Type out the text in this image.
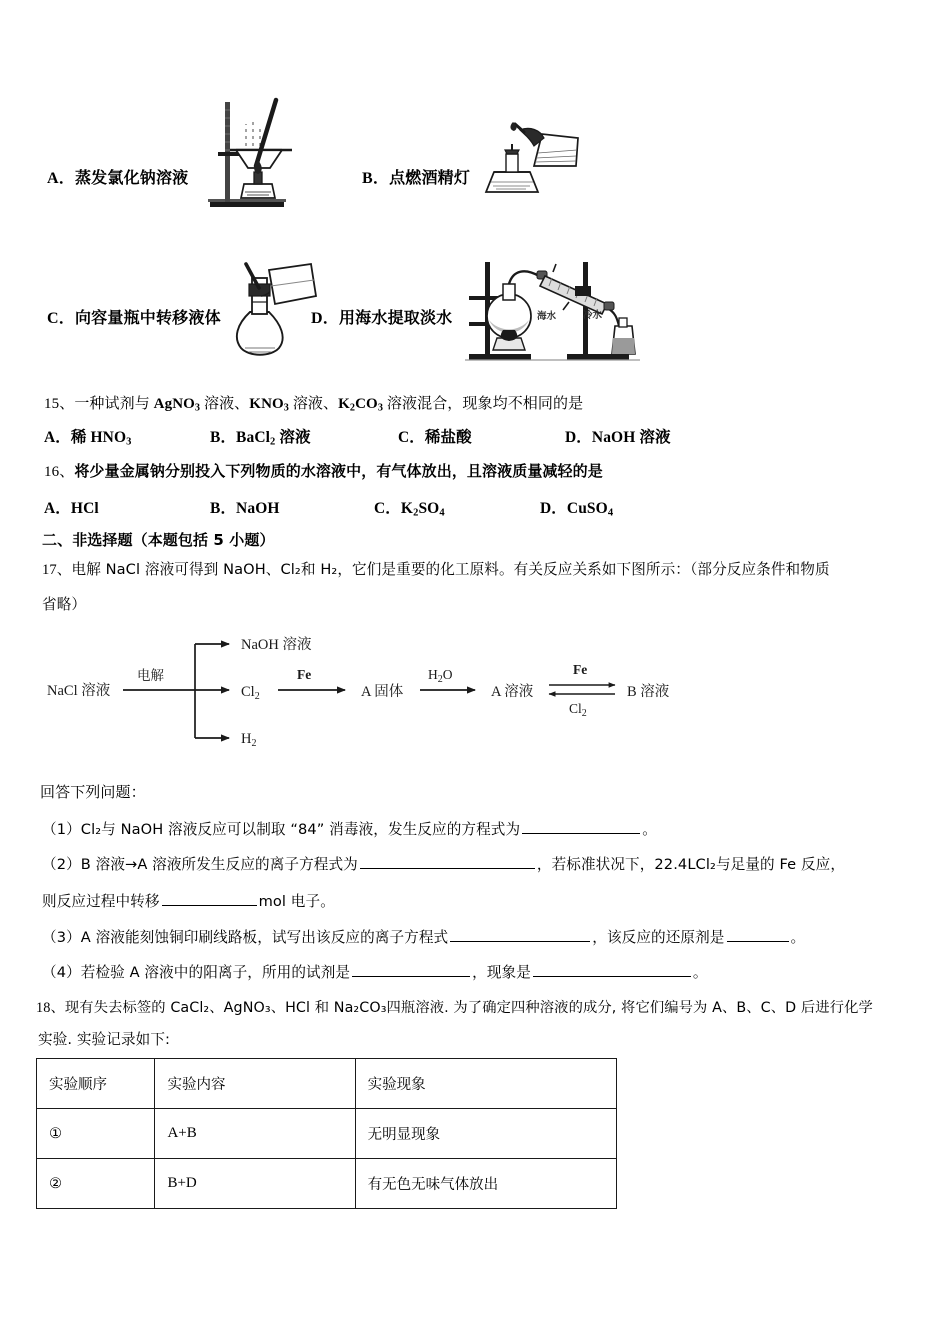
A．蒸发氯化钠溶液	B．点燃酒精灯
C．向容量瓶中转移液体	D．用海水提取淡水	海水	冷水
15、一种试剂与 AgNO$_3$ 溶液、$KNO_3$ 溶液、$K_2CO_3$ 溶液混合，现象均不相同的是
A．稀 $HNO_3$	B．BaCl$_2$ 溶液	C．稀盐酸	D．NaOH 溶液
16、将少量金属钠分别投入下列物质的水溶液中，有气体放出，且溶液质量减轻的是
A．HCl	B．NaOH	C．$K_2SO_4$	D．CuSO$_4$
二、非选择题（本题包括 5 小题）
17、电解 NaCl 溶液可得到 NaOH、Cl₂和 H₂，它们是重要的化工原料。有关反应关系如下图所示：（部分反应条件和物质
省略）
NaCl 溶液
电解
NaOH 溶液
$Cl_2$
$H_2$
Fe
A 固体
$H_2O$
A 溶液
Fe
$Cl_2$
B 溶液
回答下列问题：
（1）Cl₂与 NaOH 溶液反应可以制取 “84” 消毒液，发生反应的方程式为	。
（2）B 溶液→A 溶液所发生反应的离子方程式为	，若标准状况下，22.4LCl₂与足量的 Fe 反应，
则反应过程中转移	mol 电子。
（3）A 溶液能刻蚀铜印刷线路板，试写出该反应的离子方程式	，该反应的还原剂是	。
（4）若检验 A 溶液中的阳离子，所用的试剂是	，现象是	。
18、现有失去标签的 CaCl₂、AgNO₃、HCl 和 Na₂CO₃四瓶溶液. 为了确定四种溶液的成分, 将它们编号为 A、B、C、D 后进行化学
实验. 实验记录如下:
实验顺序	实验内容	实验现象
①	A+B	无明显现象
②	B+D	有无色无味气体放出
